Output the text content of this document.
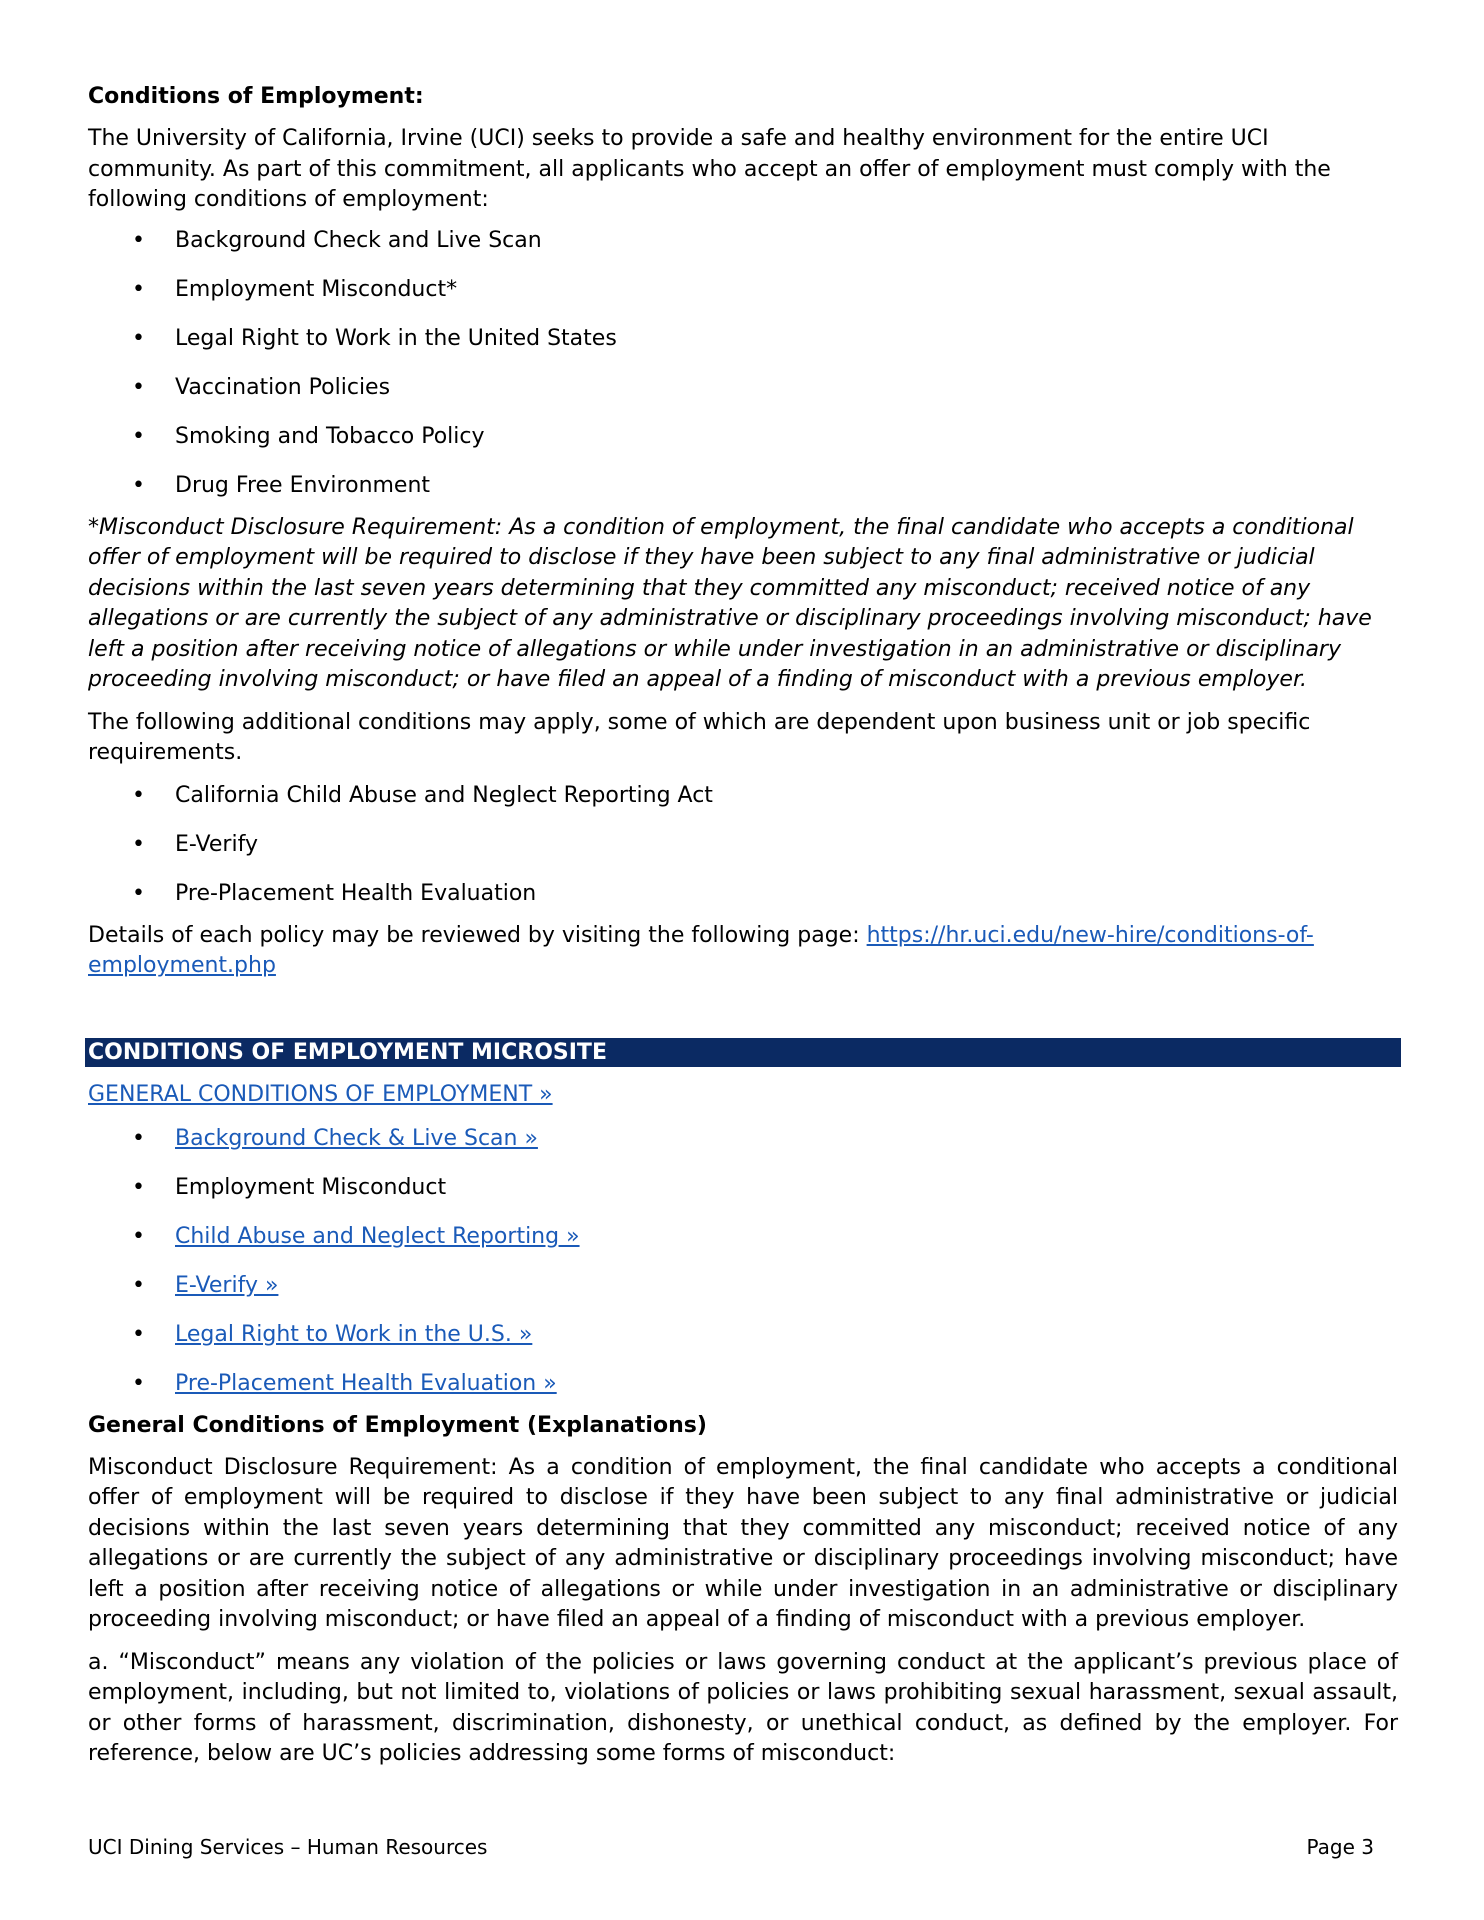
Conditions of Employment:

The University of California, Irvine (UCI) seeks to provide a safe and healthy environment for the entire UCI community. As part of this commitment, all applicants who accept an offer of employment must comply with the following conditions of employment:

• Background Check and Live Scan
• Employment Misconduct*
• Legal Right to Work in the United States
• Vaccination Policies
• Smoking and Tobacco Policy
• Drug Free Environment

*Misconduct Disclosure Requirement: As a condition of employment, the final candidate who accepts a conditional offer of employment will be required to disclose if they have been subject to any final administrative or judicial decisions within the last seven years determining that they committed any misconduct; received notice of any allegations or are currently the subject of any administrative or disciplinary proceedings involving misconduct; have left a position after receiving notice of allegations or while under investigation in an administrative or disciplinary proceeding involving misconduct; or have filed an appeal of a finding of misconduct with a previous employer.

The following additional conditions may apply, some of which are dependent upon business unit or job specific requirements.

• California Child Abuse and Neglect Reporting Act
• E-Verify
• Pre-Placement Health Evaluation

Details of each policy may be reviewed by visiting the following page: https://hr.uci.edu/new-hire/conditions-of-employment.php

CONDITIONS OF EMPLOYMENT MICROSITE
GENERAL CONDITIONS OF EMPLOYMENT »
• Background Check & Live Scan »
• Employment Misconduct
• Child Abuse and Neglect Reporting »
• E-Verify »
• Legal Right to Work in the U.S. »
• Pre-Placement Health Evaluation »
General Conditions of Employment (Explanations)

Misconduct Disclosure Requirement: As a condition of employment, the final candidate who accepts a conditional offer of employment will be required to disclose if they have been subject to any final administrative or judicial decisions within the last seven years determining that they committed any misconduct; received notice of any allegations or are currently the subject of any administrative or disciplinary proceedings involving misconduct; have left a position after receiving notice of allegations or while under investigation in an administrative or disciplinary proceeding involving misconduct; or have filed an appeal of a finding of misconduct with a previous employer.

a. “Misconduct” means any violation of the policies or laws governing conduct at the applicant’s previous place of employment, including, but not limited to, violations of policies or laws prohibiting sexual harassment, sexual assault, or other forms of harassment, discrimination, dishonesty, or unethical conduct, as defined by the employer. For reference, below are UC’s policies addressing some forms of misconduct:

UCI Dining Services – Human Resources	Page 3
